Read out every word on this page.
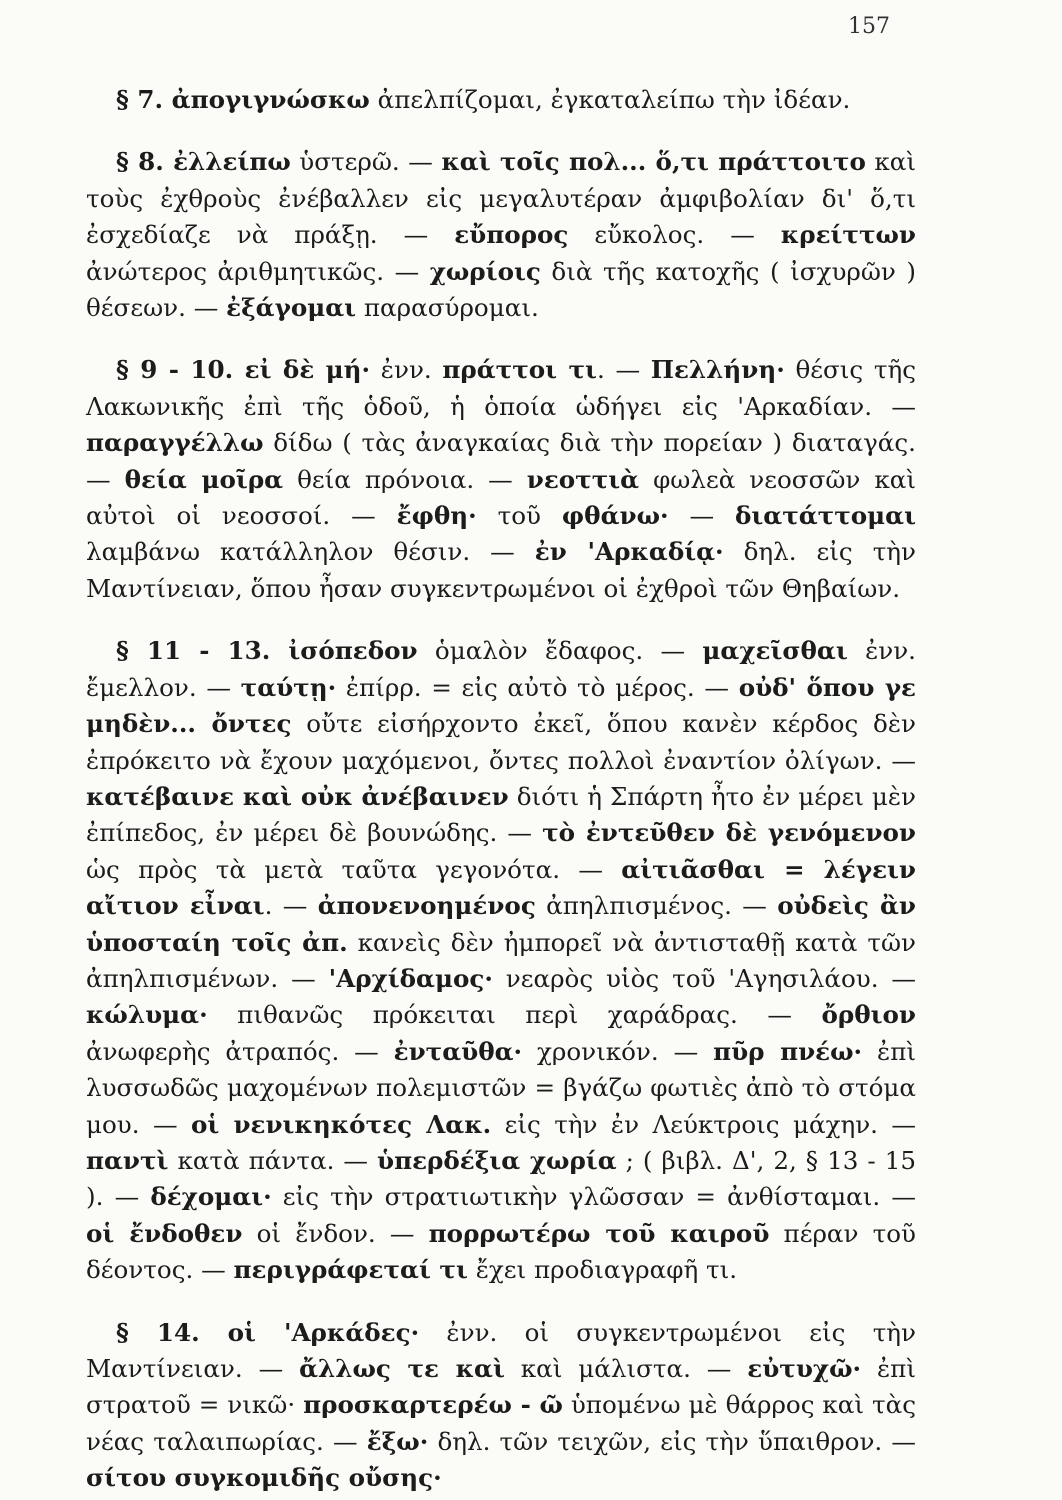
157

§ 7. ἀπογιγνώσκω ἀπελπίζομαι, ἐγκαταλείπω τὴν ἰδέαν.

§ 8. ἐλλείπω ὑστερῶ. — καὶ τοῖς πολ... ὅ,τι πράττοιτο καὶ τοὺς ἐχθροὺς ἐνέβαλλεν εἰς μεγαλυτέραν ἀμφιβολίαν δι' ὅ,τι ἐσχεδίαζε νὰ πράξῃ. — εὔπορος εὔκολος. — κρείττων ἀνώτερος ἀριθμητικῶς. — χωρίοις διὰ τῆς κατοχῆς ( ἰσχυρῶν ) θέσεων. — ἐξάγομαι παρασύρομαι.

§ 9 - 10. εἰ δὲ μή· ἐνν. πράττοι τι. — Πελλήνη· θέσις τῆς Λακωνικῆς ἐπὶ τῆς ὁδοῦ, ἡ ὁποία ὡδήγει εἰς 'Αρκαδίαν. — παραγγέλλω δίδω ( τὰς ἀναγκαίας διὰ τὴν πορείαν ) διαταγάς. — θεία μοῖρα θεία πρόνοια. — νεοττιὰ φωλεὰ νεοσσῶν καὶ αὐτοὶ οἱ νεοσσοί. — ἔφθη· τοῦ φθάνω· — διατάττομαι λαμβάνω κατάλληλον θέσιν. — ἐν 'Αρκαδίᾳ· δηλ. εἰς τὴν Μαντίνειαν, ὅπου ἦσαν συγκεντρωμένοι οἱ ἐχθροὶ τῶν Θηβαίων.

§ 11 - 13. ἰσόπεδον ὁμαλὸν ἔδαφος. — μαχεῖσθαι ἐνν. ἔμελλον. — ταύτῃ· ἐπίρρ. = εἰς αὐτὸ τὸ μέρος. — οὐδ' ὅπου γε μηδὲν... ὄντες οὔτε εἰσήρχοντο ἐκεῖ, ὅπου κανὲν κέρδος δὲν ἐπρόκειτο νὰ ἔχουν μαχόμενοι, ὄντες πολλοὶ ἐναντίον ὀλίγων. — κατέβαινε καὶ οὐκ ἀνέβαινεν διότι ἡ Σπάρτη ἦτο ἐν μέρει μὲν ἐπίπεδος, ἐν μέρει δὲ βουνώδης. — τὸ ἐντεῦθεν δὲ γενόμενον ὡς πρὸς τὰ μετὰ ταῦτα γεγονότα. — αἰτιᾶσθαι = λέγειν αἴτιον εἶναι. — ἀπονενοημένος ἀπηλπισμένος. — οὐδεὶς ἂν ὑποσταίη τοῖς ἀπ. κανεὶς δὲν ἠμπορεῖ νὰ ἀντισταθῇ κατὰ τῶν ἀπηλπισμένων. — 'Αρχίδαμος· νεαρὸς υἱὸς τοῦ 'Αγησιλάου. — κώλυμα· πιθανῶς πρόκειται περὶ χαράδρας. — ὄρθιον ἀνωφερὴς ἀτραπός. — ἐνταῦθα· χρονικόν. — πῦρ πνέω· ἐπὶ λυσσωδῶς μαχομένων πολεμιστῶν = βγάζω φωτιὲς ἀπὸ τὸ στόμα μου. — οἱ νενικηκότες Λακ. εἰς τὴν ἐν Λεύκτροις μάχην. — παντὶ κατὰ πάντα. — ὑπερδέξια χωρία ; ( βιβλ. Δ', 2, § 13 - 15 ). — δέχομαι· εἰς τὴν στρατιωτικὴν γλῶσσαν = ἀνθίσταμαι. — οἱ ἔνδοθεν οἱ ἔνδον. — πορρωτέρω τοῦ καιροῦ πέραν τοῦ δέοντος. — περιγράφεταί τι ἔχει προδιαγραφῆ τι.

§ 14. οἱ 'Αρκάδες· ἐνν. οἱ συγκεντρωμένοι εἰς τὴν Μαντίνειαν. — ἄλλως τε καὶ καὶ μάλιστα. — εὐτυχῶ· ἐπὶ στρατοῦ = νικῶ· προσκαρτερέω - ῶ ὑπομένω μὲ θάρρος καὶ τὰς νέας ταλαιπωρίας. — ἔξω· δηλ. τῶν τειχῶν, εἰς τὴν ὕπαιθρον. — σίτου συγκομιδῆς οὔσης·
